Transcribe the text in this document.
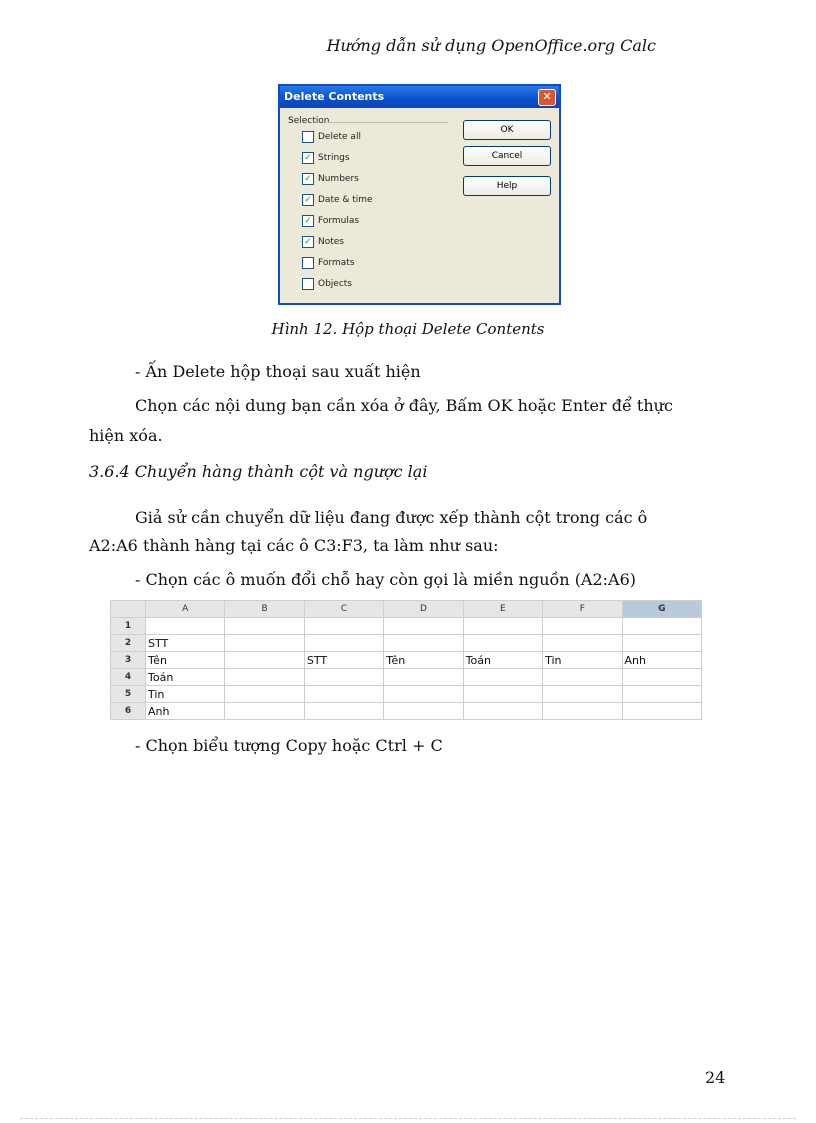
Hướng dẫn sử dụng OpenOffice.org Calc
Delete Contents	✕
Selection
Delete all
✓ Strings
✓ Numbers
✓ Date & time
✓ Formulas
✓ Notes
Formats
Objects
OK
Cancel
Help
Hình 12. Hộp thoại Delete Contents
- Ấn Delete hộp thoại sau xuất hiện
Chọn các nội dung bạn cần xóa ở đây, Bấm OK hoặc Enter để thực
hiện xóa.
3.6.4 Chuyển hàng thành cột và ngược lại
Giả sử cần chuyển dữ liệu đang được xếp thành cột trong các ô
A2:A6 thành hàng tại các ô C3:F3, ta làm như sau:
- Chọn các ô muốn đổi chỗ hay còn gọi là miền nguồn (A2:A6)
	A	B	C	D	E	F	G
1							
2	STT						
3	Tên		STT	Tên	Toán	Tin	Anh
4	Toán						
5	Tin						
6	Anh						
- Chọn biểu tượng Copy hoặc Ctrl + C
24
